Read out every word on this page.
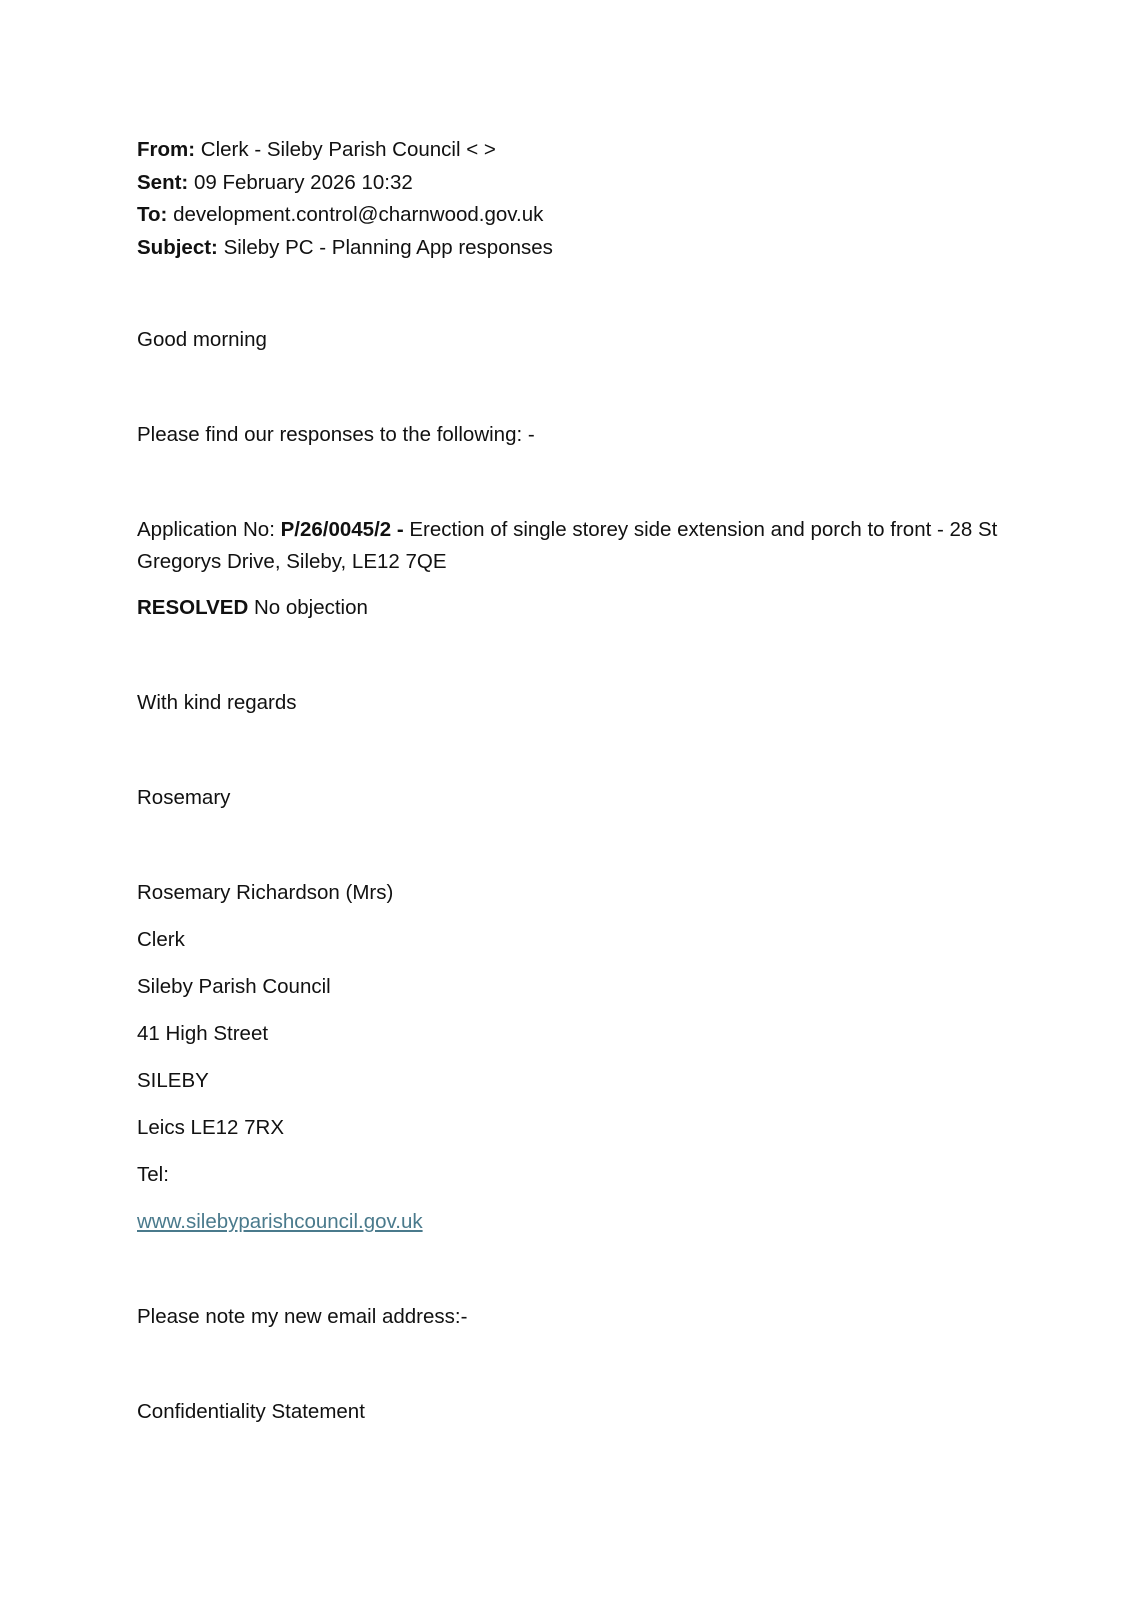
From: Clerk - Sileby Parish Council < >
Sent: 09 February 2026 10:32
To: development.control@charnwood.gov.uk
Subject: Sileby PC - Planning App responses
Good morning
Please find our responses to the following: -
Application No: P/26/0045/2 - Erection of single storey side extension and porch to front - 28 St Gregorys Drive, Sileby, LE12 7QE
RESOLVED No objection
With kind regards
Rosemary
Rosemary Richardson (Mrs)
Clerk
Sileby Parish Council
41 High Street
SILEBY
Leics LE12 7RX
Tel:
www.silebyparishcouncil.gov.uk
Please note my new email address:-
Confidentiality Statement
